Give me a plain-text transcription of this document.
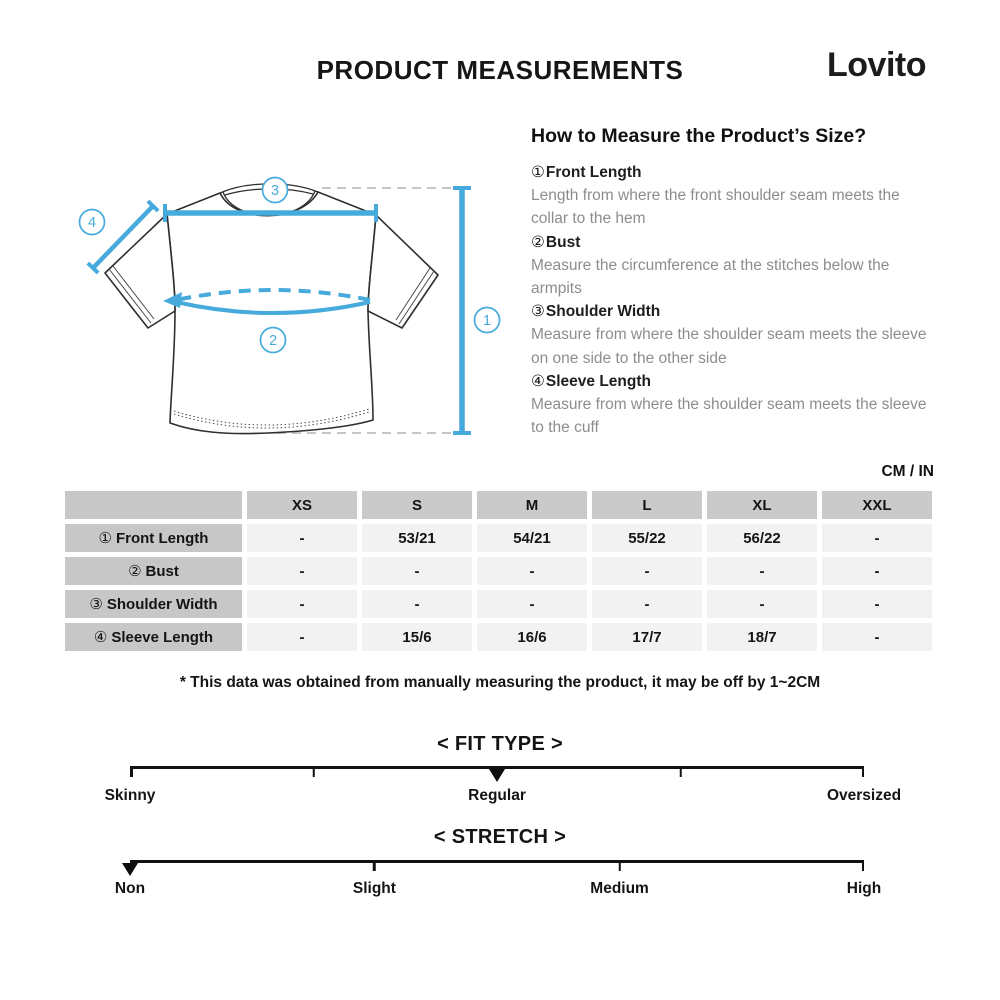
PRODUCT MEASUREMENTS	Lovito
3
4
2
1
How to Measure the Product’s Size?
①Front Length
Length from where the front shoulder seam meets the collar to the hem
②Bust
Measure the circumference at the stitches below the armpits
③Shoulder Width
Measure from where the shoulder seam meets the sleeve on one side to the other side
④Sleeve Length
Measure from where the shoulder seam meets the sleeve to the cuff
CM / IN
	XS	S	M	L	XL	XXL
① Front Length	-	53/21	54/21	55/22	56/22	-
② Bust	-	-	-	-	-	-
③ Shoulder Width	-	-	-	-	-	-
④ Sleeve Length	-	15/6	16/6	17/7	18/7	-
* This data was obtained from manually measuring the product, it may be off by 1~2CM
< FIT TYPE >
Skinny	Regular	Oversized
< STRETCH >
Non	Slight	Medium	High
